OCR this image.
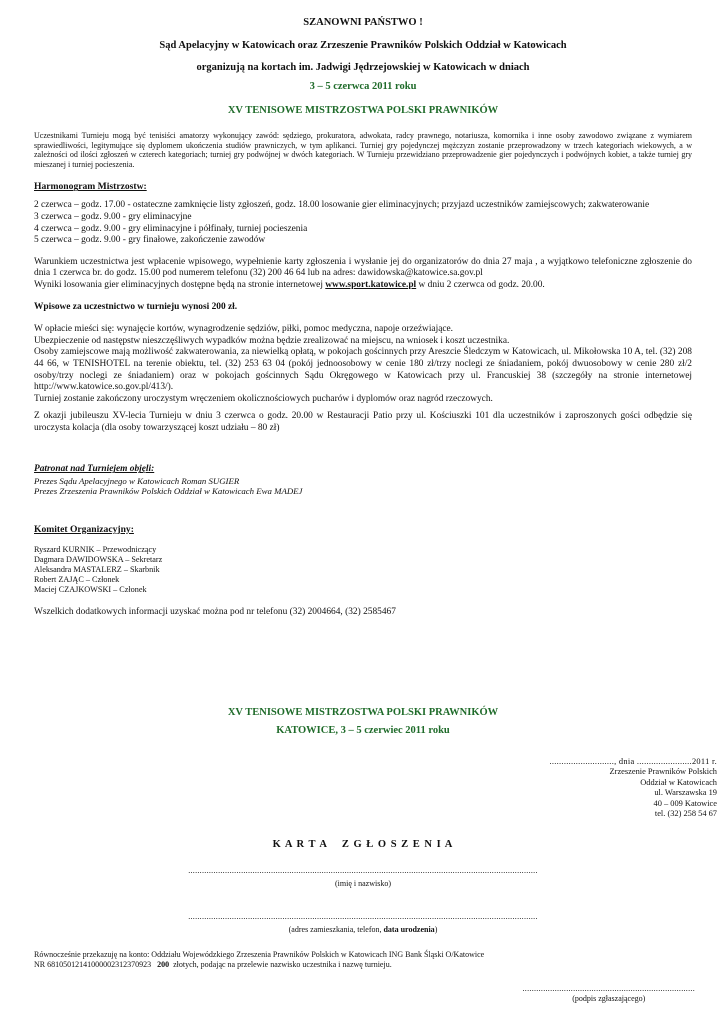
SZANOWNI PAŃSTWO !
Sąd Apelacyjny w Katowicach oraz Zrzeszenie Prawników Polskich Oddział w Katowicach
organizują na kortach im. Jadwigi Jędrzejowskiej w Katowicach w dniach
3 – 5 czerwca 2011 roku
XV TENISOWE MISTRZOSTWA POLSKI PRAWNIKÓW
Uczestnikami Turnieju mogą być tenisiści amatorzy wykonujący zawód: sędziego, prokuratora, adwokata, radcy prawnego, notariusza, komornika i inne osoby zawodowo związane z wymiarem sprawiedliwości, legitymujące się dyplomem ukończenia studiów prawniczych, w tym aplikanci. Turniej gry pojedynczej mężczyzn zostanie przeprowadzony w trzech kategoriach wiekowych, a w zależności od ilości zgłoszeń w czterech kategoriach; turniej gry podwójnej w dwóch kategoriach. W Turnieju przewidziano przeprowadzenie gier pojedynczych i podwójnych kobiet, a także turniej gry mieszanej i turniej pocieszenia.
Harmonogram Mistrzostw:
2 czerwca – godz. 17.00 - ostateczne zamknięcie listy zgłoszeń, godz. 18.00 losowanie gier eliminacyjnych; przyjazd uczestników zamiejscowych; zakwaterowanie
3 czerwca – godz. 9.00 - gry eliminacyjne
4 czerwca – godz. 9.00 - gry eliminacyjne i półfinały, turniej pocieszenia
5 czerwca – godz. 9.00 - gry finałowe, zakończenie zawodów
Warunkiem uczestnictwa jest wpłacenie wpisowego, wypełnienie karty zgłoszenia i wysłanie jej do organizatorów do dnia 27 maja , a wyjątkowo telefoniczne zgłoszenie do dnia 1 czerwca br. do godz. 15.00 pod numerem telefonu (32) 200 46 64 lub na adres: dawidowska@katowice.sa.gov.pl
Wyniki losowania gier eliminacyjnych dostępne będą na stronie internetowej www.sport.katowice.pl w dniu 2 czerwca od godz. 20.00.
Wpisowe za uczestnictwo w turnieju wynosi 200 zł.
W opłacie mieści się: wynajęcie kortów, wynagrodzenie sędziów, piłki, pomoc medyczna, napoje orzeźwiające.
Ubezpieczenie od następstw nieszczęśliwych wypadków można będzie zrealizować na miejscu, na wniosek i koszt uczestnika.
Osoby zamiejscowe mają możliwość zakwaterowania, za niewielką opłatą, w pokojach gościnnych przy Areszcie Śledczym w Katowicach, ul. Mikołowska 10 A, tel. (32) 208 44 66, w TENISHOTEL na terenie obiektu, tel. (32) 253 63 04 (pokój jednoosobowy w cenie 180 zł/trzy noclegi ze śniadaniem, pokój dwuosobowy w cenie 280 zł/2 osoby/trzy noclegi ze śniadaniem) oraz w pokojach gościnnych Sądu Okręgowego w Katowicach przy ul. Francuskiej 38 (szczegóły na stronie internetowej http://www.katowice.so.gov.pl/413/).
Turniej zostanie zakończony uroczystym wręczeniem okolicznościowych pucharów i dyplomów oraz nagród rzeczowych.
Z okazji jubileuszu XV-lecia Turnieju w dniu 3 czerwca o godz. 20.00 w Restauracji Patio przy ul. Kościuszki 101 dla uczestników i zaproszonych gości odbędzie się uroczysta kolacja (dla osoby towarzyszącej koszt udziału – 80 zł)
Patronat nad Turniejem objęli:
Prezes Sądu Apelacyjnego w Katowicach Roman SUGIER
Prezes Zrzeszenia Prawników Polskich Oddział w Katowicach Ewa MADEJ
Komitet Organizacyjny:
Ryszard KURNIK – Przewodniczący
Dagmara DAWIDOWSKA – Sekretarz
Aleksandra MASTALERZ – Skarbnik
Robert ZAJĄC – Członek
Maciej CZAJKOWSKI – Członek
Wszelkich dodatkowych informacji uzyskać można pod nr telefonu (32) 2004664, (32) 2585467
XV TENISOWE MISTRZOSTWA POLSKI PRAWNIKÓW
KATOWICE, 3 – 5 czerwiec 2011 roku
..........................., dnia .......................2011 r.
Zrzeszenie Prawników Polskich
Oddział w Katowicach
ul. Warszawska 19
40 – 009 Katowice
tel. (32) 258 54 67
K A R T A    Z G Ł O S Z E N I A
........................................................................................................................................................
(imię i nazwisko)
........................................................................................................................................................
(adres zamieszkania, telefon, data urodzenia)
Równocześnie przekazuję na konto: Oddziału Wojewódzkiego Zrzeszenia Prawników Polskich w Katowicach ING Bank Śląski O/Katowice
NR 68105012141000002312370923   200  złotych, podając na przelewie nazwisko uczestnika i nazwę turnieju.
...........................................................................
(podpis zgłaszającego)
